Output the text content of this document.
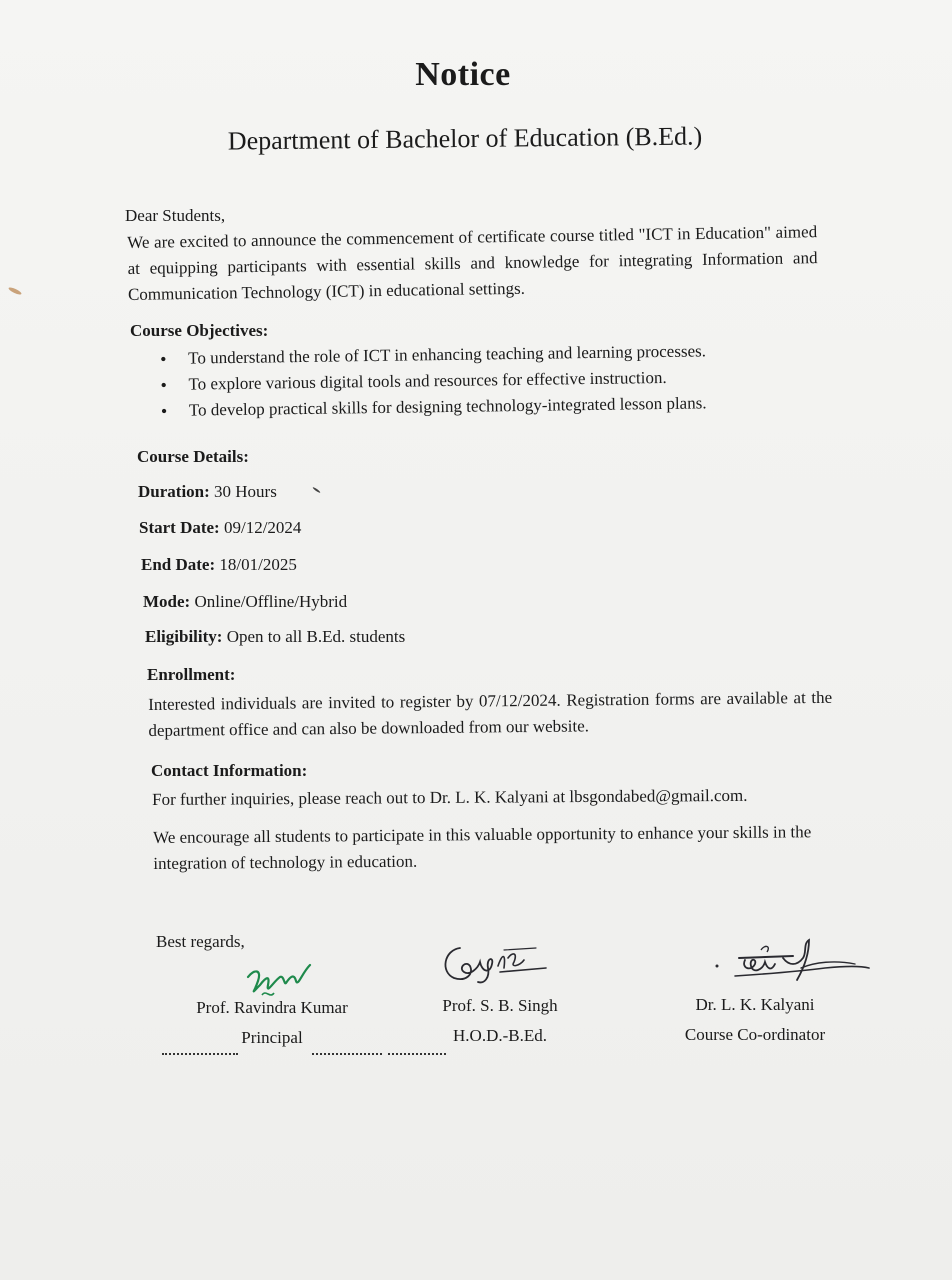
Notice
Department of Bachelor of Education (B.Ed.)
Dear Students,
We are excited to announce the commencement of certificate course titled "ICT in Education" aimed at equipping participants with essential skills and knowledge for integrating Information and Communication Technology (ICT) in educational settings.
Course Objectives:
• To understand the role of ICT in enhancing teaching and learning processes.
• To explore various digital tools and resources for effective instruction.
• To develop practical skills for designing technology-integrated lesson plans.
Course Details:
Duration: 30 Hours
Start Date: 09/12/2024
End Date: 18/01/2025
Mode: Online/Offline/Hybrid
Eligibility: Open to all B.Ed. students
Enrollment:
Interested individuals are invited to register by 07/12/2024. Registration forms are available at the department office and can also be downloaded from our website.
Contact Information:
For further inquiries, please reach out to Dr. L. K. Kalyani at lbsgondabed@gmail.com.
We encourage all students to participate in this valuable opportunity to enhance your skills in the integration of technology in education.
Best regards,
Prof. Ravindra Kumar
Principal
Prof. S. B. Singh
H.O.D.-B.Ed.
Dr. L. K. Kalyani
Course Co-ordinator
